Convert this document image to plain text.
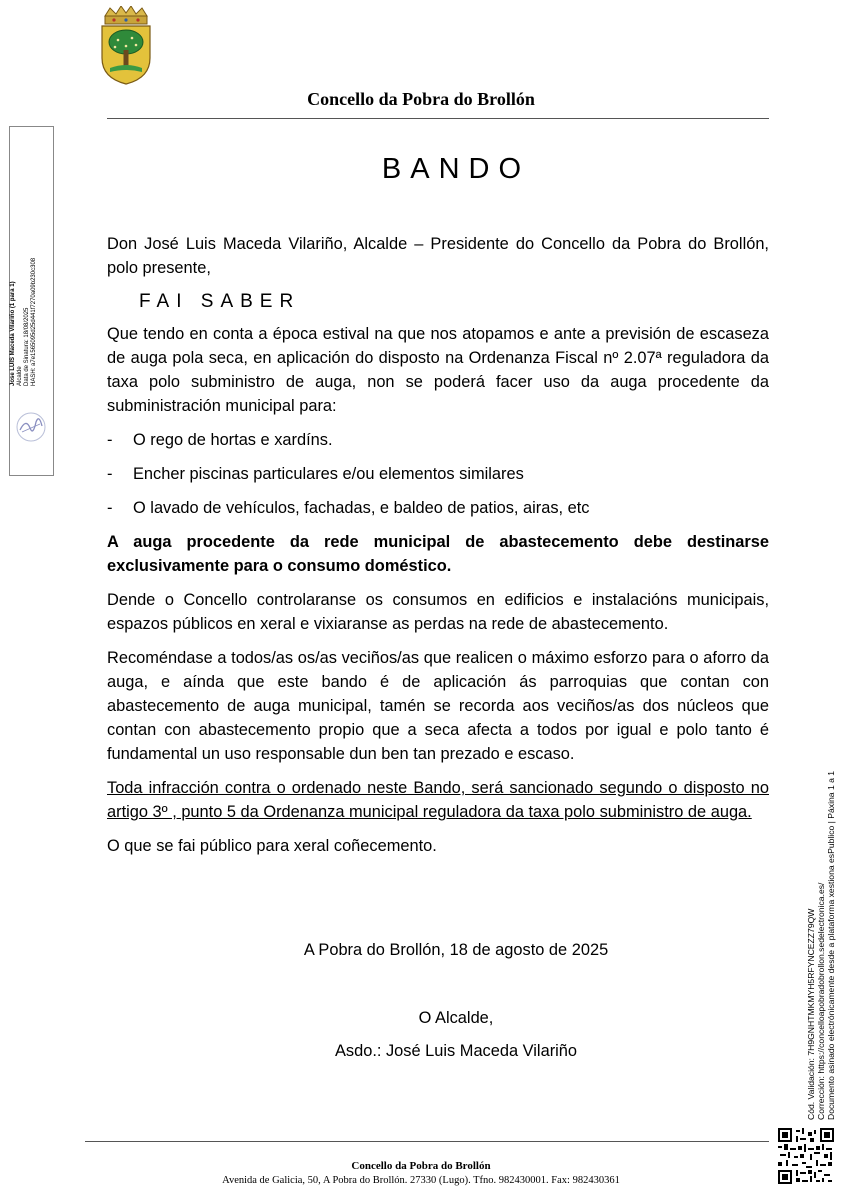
Concello da Pobra do Brollón
Jose LUIS Maceda Vilariño (1 para 1) Alcalde Data de Sinatura: 18/08/2025 HASH: a7e1565095d25d441f7270a09b230c308
BANDO

Don José Luis Maceda Vilariño, Alcalde – Presidente do Concello da Pobra do Brollón, polo presente,

FAI SABER

Que tendo en conta a época estival na que nos atopamos e ante a previsión de escaseza de auga pola seca, en aplicación do disposto na Ordenanza Fiscal nº 2.07ª reguladora da taxa polo subministro de auga, non se poderá facer uso da auga procedente da subministración municipal para:

-	O rego de hortas e xardíns.
-	Encher piscinas particulares e/ou elementos similares
-	O lavado de vehículos, fachadas, e baldeo de patios, airas, etc

A auga procedente da rede municipal de abastecemento debe destinarse exclusivamente para o consumo doméstico.

Dende o Concello controlaranse os consumos en edificios e instalacións municipais, espazos públicos en xeral e vixiaranse as perdas na rede de abastecemento.

Recoméndase a todos/as os/as veciños/as que realicen o máximo esforzo para o aforro da auga, e aínda que este bando é de aplicación ás parroquias que contan con abastecemento de auga municipal, tamén se recorda aos veciños/as dos núcleos que contan con abastecemento propio que a seca afecta a todos por igual e polo tanto é fundamental un uso responsable dun ben tan prezado e escaso.

Toda infracción contra o ordenado neste Bando, será sancionado segundo o disposto no artigo 3º , punto 5 da Ordenanza municipal reguladora da taxa polo subministro de auga.

O que se fai público para xeral coñecemento.

A Pobra do Brollón, 18 de agosto de 2025
O Alcalde,
Asdo.: José Luis Maceda Vilariño	Cód. Validación: 7H9GNHTMKMYH5RFYNCEZZ79QW Corrección: https://concelloapobradobrollon.sedelectronica.es/ Documento asinado electrónicamente desde a plataforma xestiona esPublico | Páxina 1 a 1
Concello da Pobra do Brollón
Avenida de Galicia, 50, A Pobra do Brollón. 27330 (Lugo). Tfno. 982430001. Fax: 982430361
